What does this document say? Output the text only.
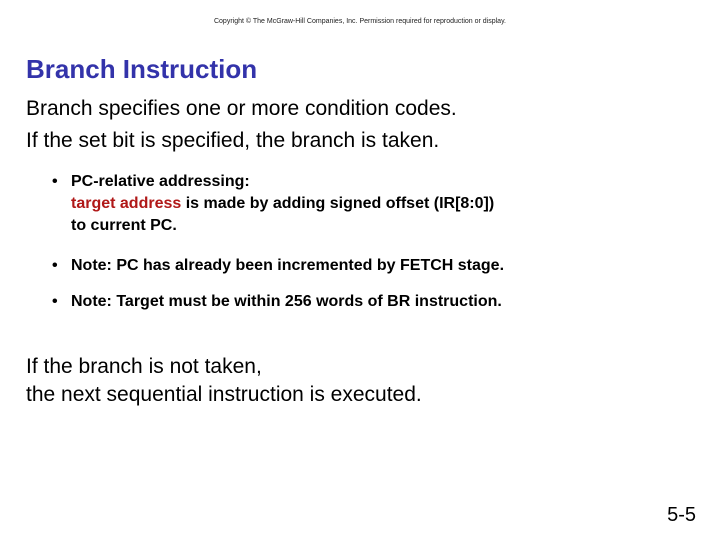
Copyright © The McGraw-Hill Companies, Inc. Permission required for reproduction or display.
Branch Instruction
Branch specifies one or more condition codes.
If the set bit is specified, the branch is taken.
• PC-relative addressing:
target address is made by adding signed offset (IR[8:0])
to current PC.
• Note: PC has already been incremented by FETCH stage.
• Note: Target must be within 256 words of BR instruction.
If the branch is not taken,
the next sequential instruction is executed.
5-5
